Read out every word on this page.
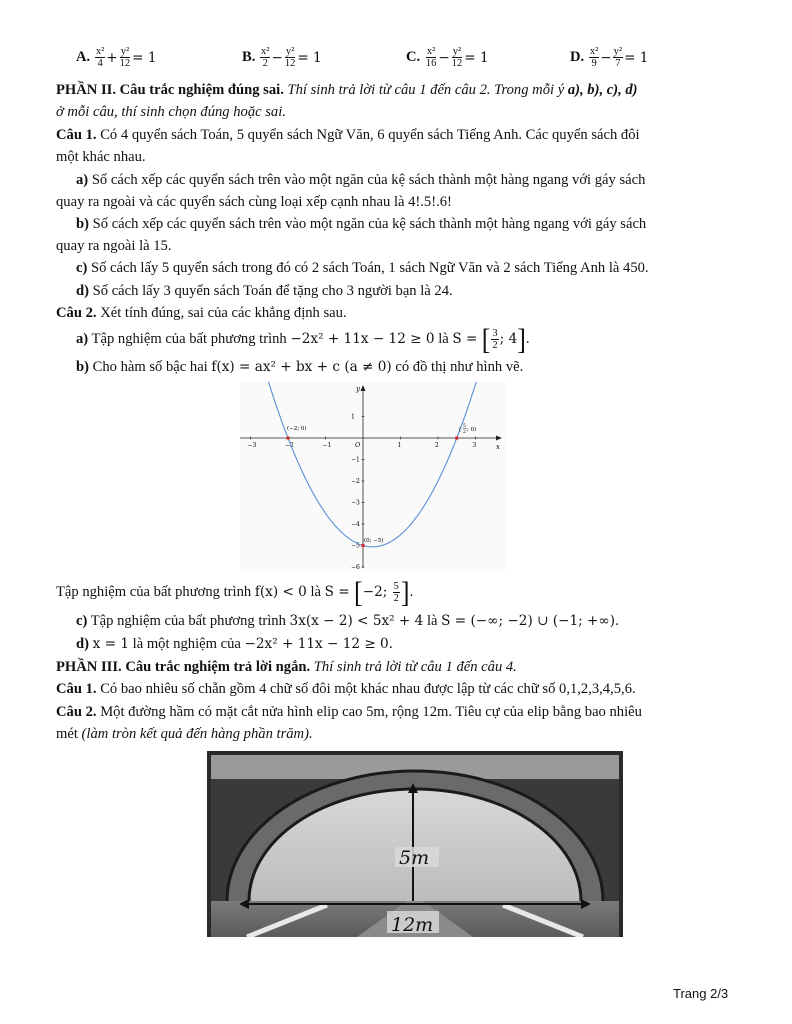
A.
$\frac{\text{x²}}{4} + \frac{\text{y²}}{12} = 1$	B.
$\frac{\text{x²}}{2} - \frac{\text{y²}}{12} = 1$	C.
$\frac{\text{x²}}{16} - \frac{\text{y²}}{12} = 1$	D.
$\frac{\text{x²}}{9} - \frac{\text{y²}}{7} = 1$
PHẦN II. Câu trắc nghiệm đúng sai. Thí sinh trả lời từ câu 1 đến câu 2. Trong mỗi ý a), b), c), d)
ở mỗi câu, thí sinh chọn đúng hoặc sai.
Câu 1. Có 4 quyển sách Toán, 5 quyển sách Ngữ Văn, 6 quyển sách Tiếng Anh. Các quyển sách đôi
một khác nhau.
a) Số cách xếp các quyển sách trên vào một ngăn của kệ sách thành một hàng ngang với gáy sách
quay ra ngoài và các quyển sách cùng loại xếp cạnh nhau là 4!.5!.6!
b) Số cách xếp các quyển sách trên vào một ngăn của kệ sách thành một hàng ngang với gáy sách
quay ra ngoài là 15.
c) Số cách lấy 5 quyển sách trong đó có 2 sách Toán, 1 sách Ngữ Văn và 2 sách Tiếng Anh là 450.
d) Số cách lấy 3 quyển sách Toán để tặng cho 3 người bạn là 24.
Câu 2. Xét tính đúng, sai của các khẳng định sau.
a) Tập nghiệm của bất phương trình −2x² + 11x − 12 ≥ 0 là S = [ $\frac{3}{2}$ ; 4].
b) Cho hàm số bậc hai f(x) = ax² + bx + c (a ≠ 0) có đồ thị như hình vẽ.
y
x
O
−3	−2	−1	1	2	3
1
−1
−2
−3
−4
−5
−6
(−2; 0)	(
5
2 ; 0)
(0; −5)
Tập nghiệm của bất phương trình f(x) < 0 là S = [−2; $\frac{5}{2}$ ].
c) Tập nghiệm của bất phương trình 3x(x − 2) < 5x² + 4 là S = (−∞; −2) ∪ (−1; +∞).
d) x = 1 là một nghiệm của −2x² + 11x − 12 ≥ 0.
PHẦN III. Câu trắc nghiệm trả lời ngắn. Thí sinh trả lời từ câu 1 đến câu 4.
Câu 1. Có bao nhiêu số chẵn gồm 4 chữ số đôi một khác nhau được lập từ các chữ số 0,1,2,3,4,5,6.
Câu 2. Một đường hầm có mặt cắt nửa hình elip cao 5m, rộng 12m. Tiêu cự của elip bằng bao nhiêu
mét (làm tròn kết quả đến hàng phần trăm).
5m
12m
Trang 2/3
